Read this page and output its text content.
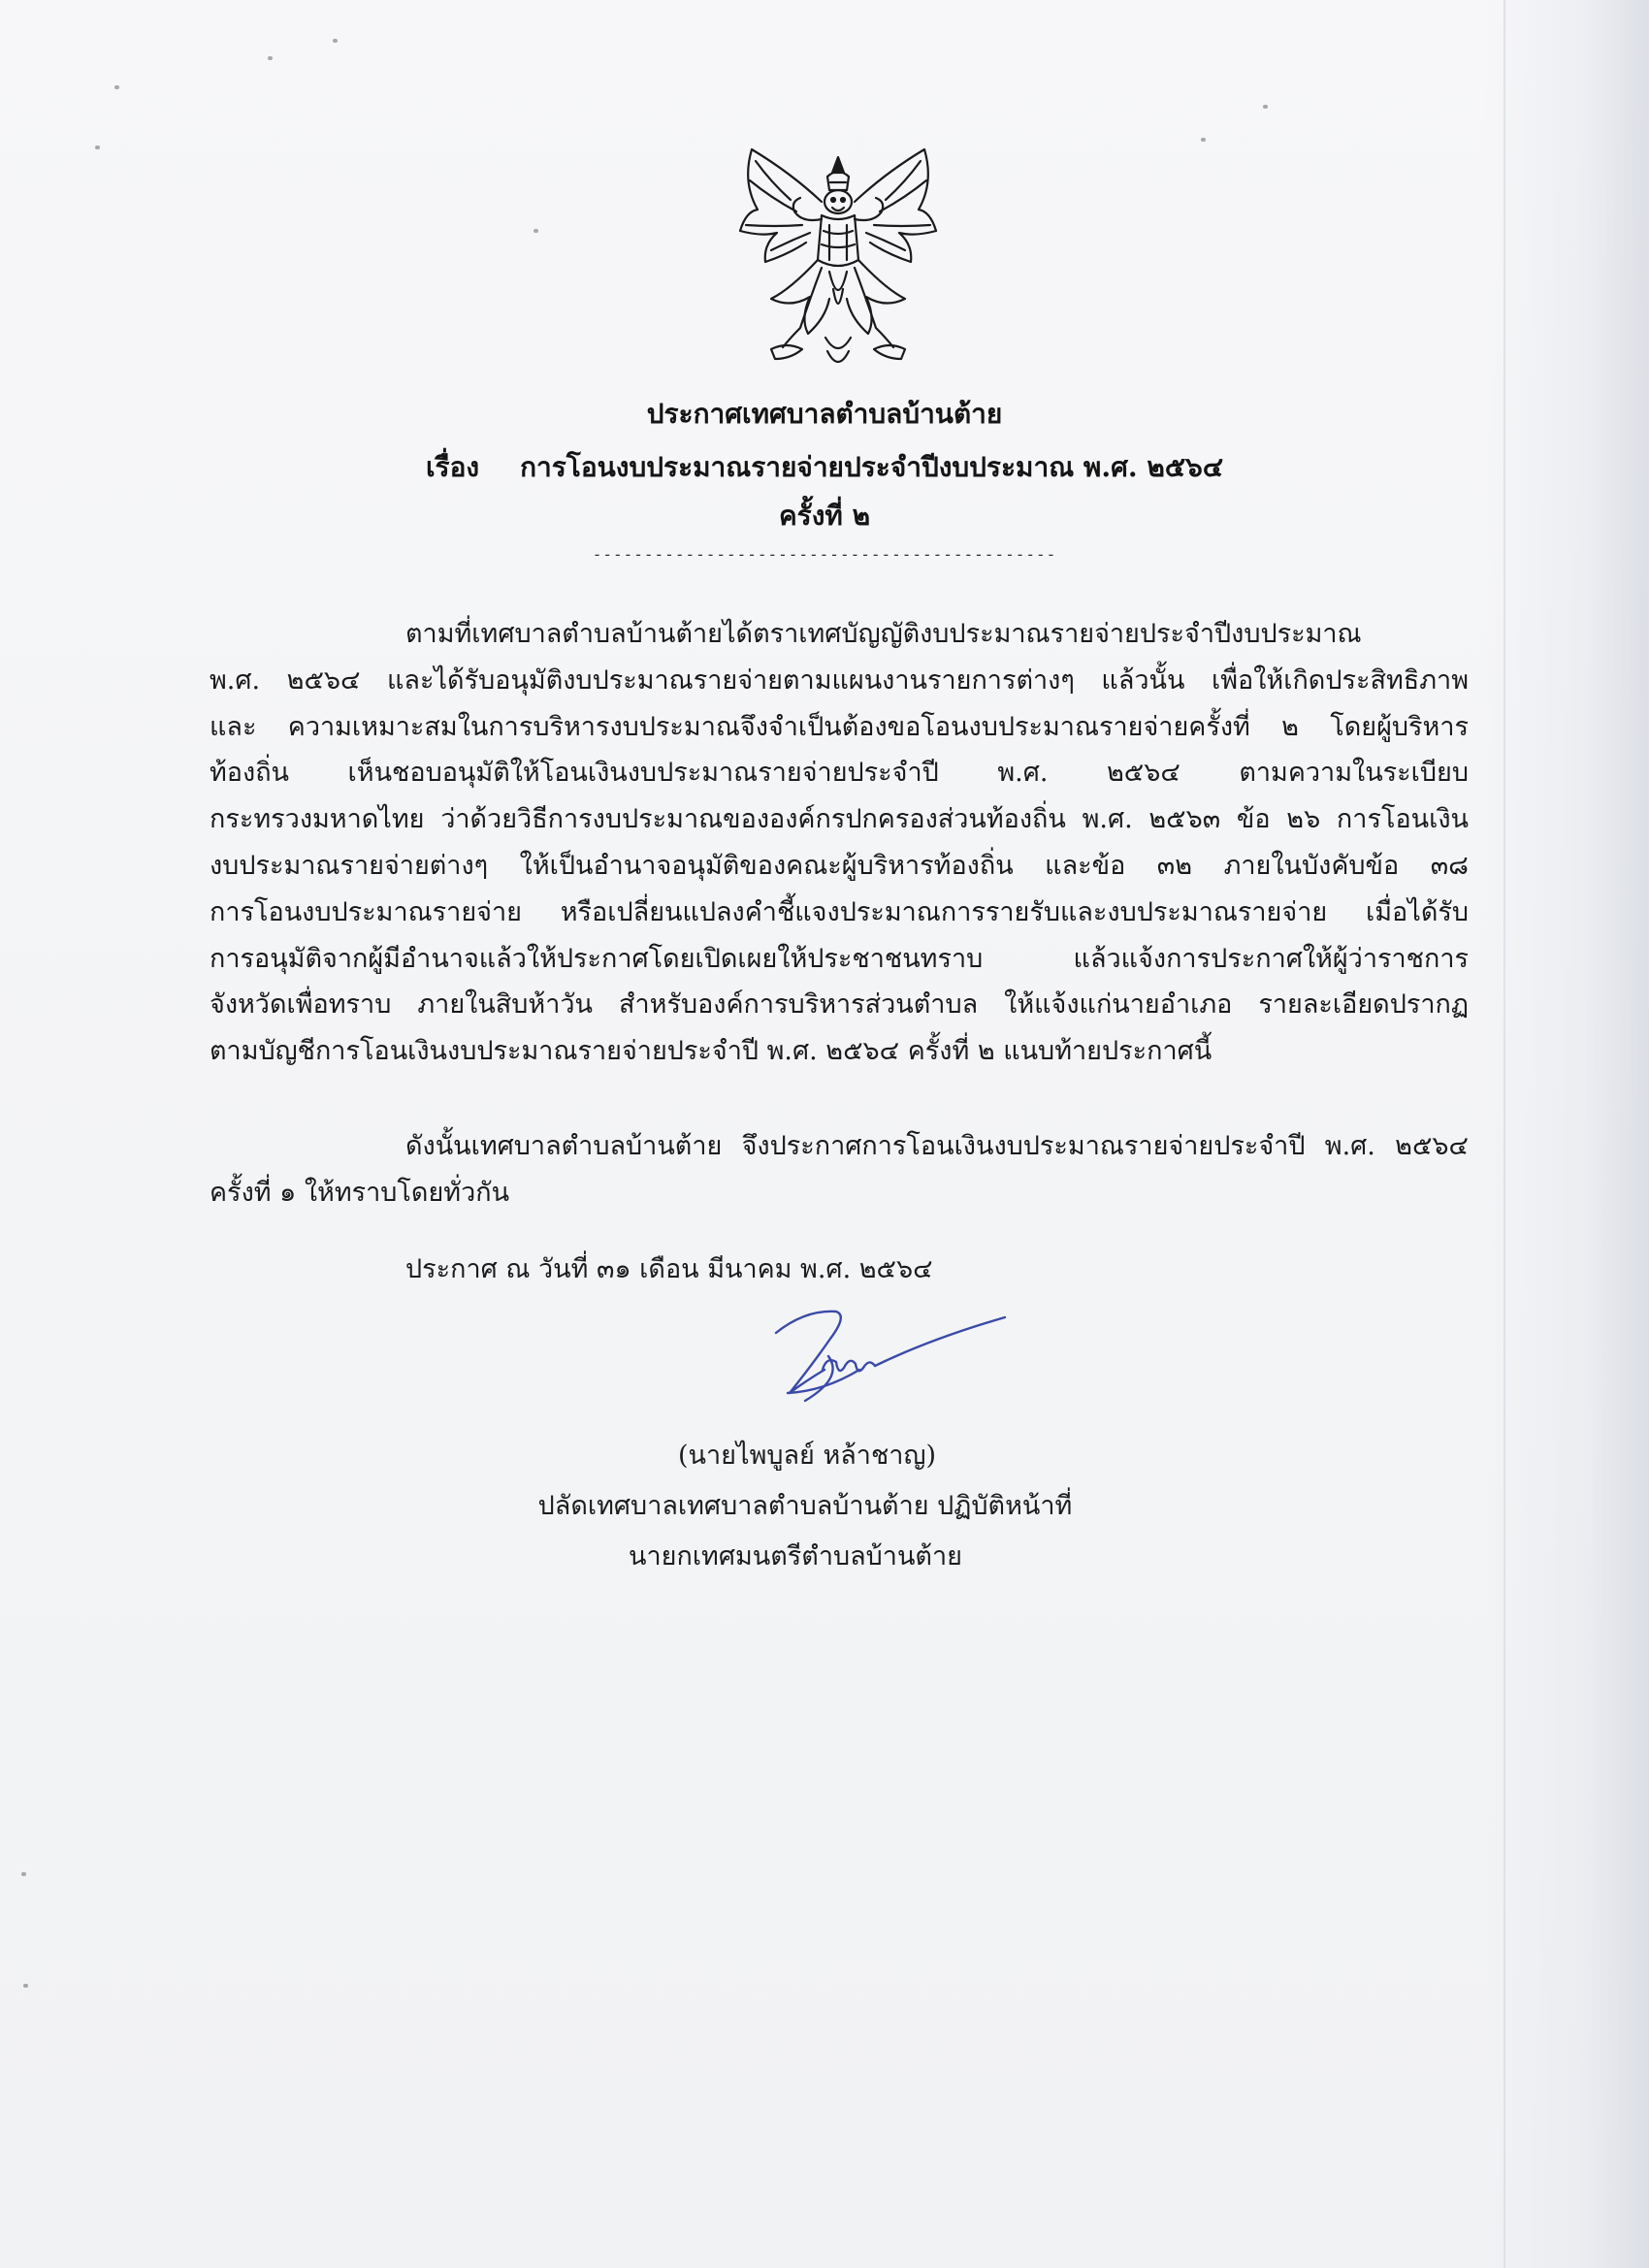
ประกาศเทศบาลตำบลบ้านต้าย
เรื่อง การโอนงบประมาณรายจ่ายประจำปีงบประมาณ พ.ศ. ๒๕๖๔
ครั้งที่ ๒
---------------------------------------------
ตามที่เทศบาลตำบลบ้านต้ายได้ตราเทศบัญญัติงบประมาณรายจ่ายประจำปีงบประมาณ
พ.ศ. ๒๕๖๔ และได้รับอนุมัติงบประมาณรายจ่ายตามแผนงานรายการต่างๆ แล้วนั้น เพื่อให้เกิดประสิทธิภาพ
และ ความเหมาะสมในการบริหารงบประมาณจึงจำเป็นต้องขอโอนงบประมาณรายจ่ายครั้งที่ ๒ โดยผู้บริหาร
ท้องถิ่น เห็นชอบอนุมัติให้โอนเงินงบประมาณรายจ่ายประจำปี พ.ศ. ๒๕๖๔ ตามความในระเบียบ
กระทรวงมหาดไทย ว่าด้วยวิธีการงบประมาณขององค์กรปกครองส่วนท้องถิ่น พ.ศ. ๒๕๖๓ ข้อ ๒๖ การโอนเงิน
งบประมาณรายจ่ายต่างๆ ให้เป็นอำนาจอนุมัติของคณะผู้บริหารท้องถิ่น และข้อ ๓๒ ภายในบังคับข้อ ๓๘
การโอนงบประมาณรายจ่าย หรือเปลี่ยนแปลงคำชี้แจงประมาณการรายรับและงบประมาณรายจ่าย เมื่อได้รับ
การอนุมัติจากผู้มีอำนาจแล้วให้ประกาศโดยเปิดเผยให้ประชาชนทราบ แล้วแจ้งการประกาศให้ผู้ว่าราชการ
จังหวัดเพื่อทราบ ภายในสิบห้าวัน สำหรับองค์การบริหารส่วนตำบล ให้แจ้งแก่นายอำเภอ รายละเอียดปรากฏ
ตามบัญชีการโอนเงินงบประมาณรายจ่ายประจำปี พ.ศ. ๒๕๖๔ ครั้งที่ ๒ แนบท้ายประกาศนี้
ดังนั้นเทศบาลตำบลบ้านต้าย จึงประกาศการโอนเงินงบประมาณรายจ่ายประจำปี พ.ศ. ๒๕๖๔
ครั้งที่ ๑ ให้ทราบโดยทั่วกัน
ประกาศ ณ วันที่ ๓๑ เดือน มีนาคม พ.ศ. ๒๕๖๔
(นายไพบูลย์ หล้าชาญ)
ปลัดเทศบาลเทศบาลตำบลบ้านต้าย ปฏิบัติหน้าที่
นายกเทศมนตรีตำบลบ้านต้าย
